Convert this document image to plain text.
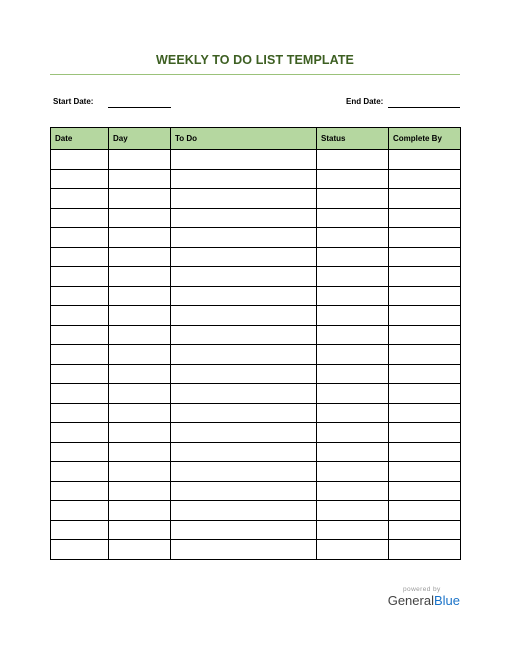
WEEKLY TO DO LIST TEMPLATE
Start Date:	End Date:
Date	Day	To Do	Status	Complete By

powered by
GeneralBlue
